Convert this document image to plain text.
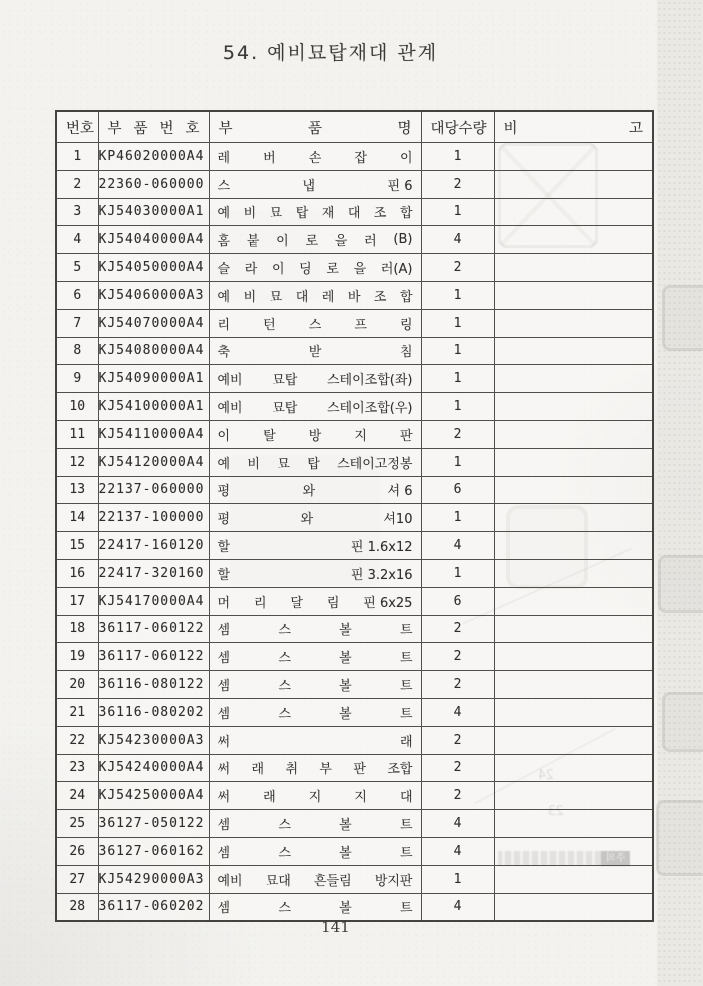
54. 예비묘탑재대 관계
번 호	부 품 번 호	부 품 명	대 당 수 량	비 고

1	KP46020000A4	레 버 손 잡 이	1	
2	22360-060000	스 냅 핀 6	2	
3	KJ54030000A1	예 비 묘 탑 재 대 조 합	1	
4	KJ54040000A4	홈 붙 이 로 을 러 (B)	4	
5	KJ54050000A4	슬 라 이 딩 로 을 러(A)	2	
6	KJ54060000A3	예 비 묘 대 레 바 조 합	1	
7	KJ54070000A4	리 턴 스 프 링	1	
8	KJ54080000A4	축 받 침	1	
9	KJ54090000A1	예비 묘탑 스테이조합(좌)	1	
10	KJ54100000A1	예비 묘탑 스테이조합(우)	1	
11	KJ54110000A4	이 탈 방 지 판	2	
12	KJ54120000A4	예 비 묘 탑 스테이고정봉	1	
13	22137-060000	평 와 셔 6	6	
14	22137-100000	평 와 셔10	1	
15	22417-160120	할 핀 1.6x12	4	
16	22417-320160	할 핀 3.2x16	1	
17	KJ54170000A4	머 리 달 림 핀 6x25	6	
18	36117-060122	셈 스 볼 트	2	
19	36117-060122	셈 스 볼 트	2	
20	36116-080122	셈 스 볼 트	2	
21	36116-080202	셈 스 볼 트	4	
22	KJ54230000A3	써 래	2	
23	KJ54240000A4	써 래 취 부 판 조합	2	
24	KJ54250000A4	써 래 지 지 대	2	
25	36127-050122	셈 스 볼 트	4	
26	36127-060162	셈 스 볼 트	4	
27	KJ54290000A3	예비 묘대 흔들림 방지판	1	
28	36117-060202	셈 스 볼 트	4	
141
